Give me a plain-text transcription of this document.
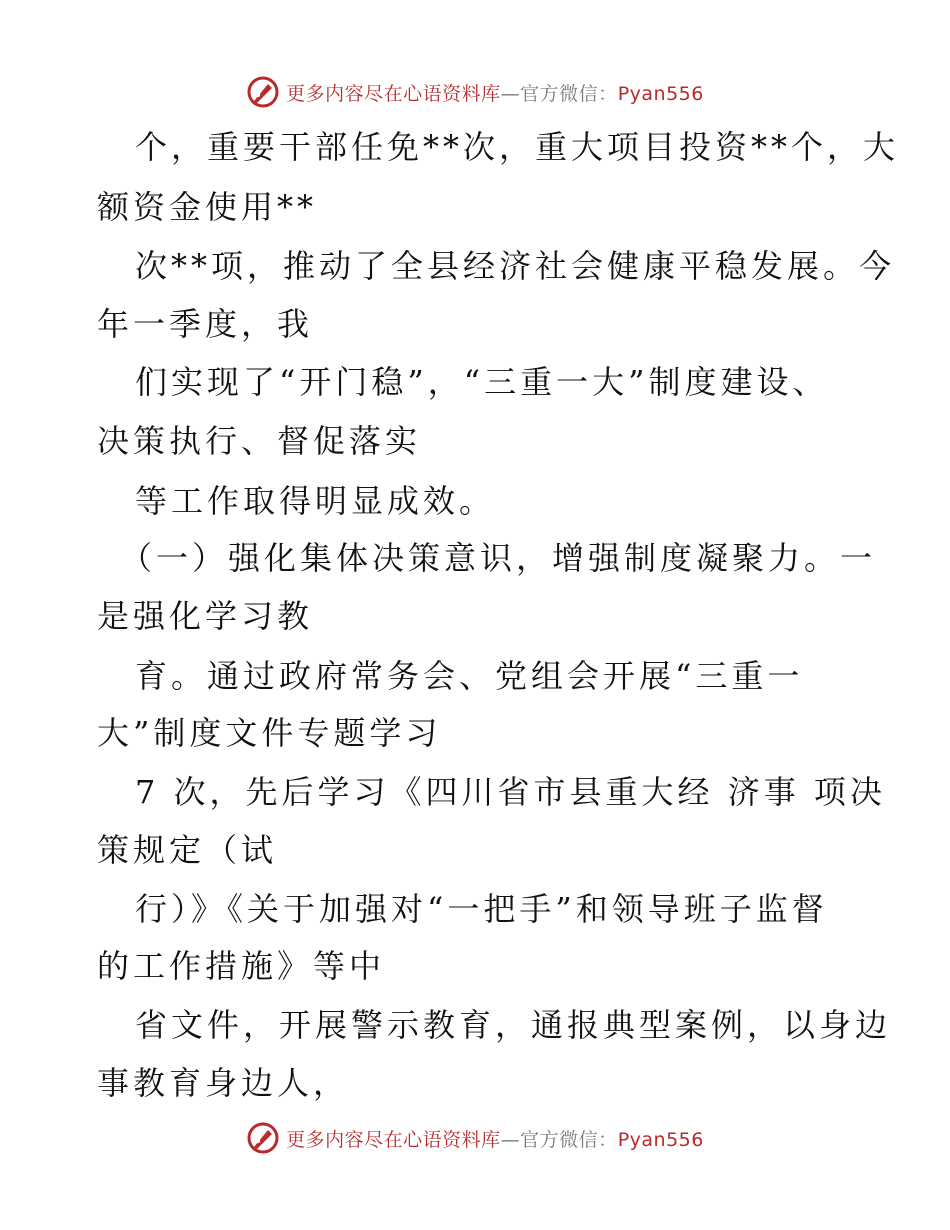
更多内容尽在心语资料库—官方微信：Pyan556
个，重要干部任免**次，重大项目投资**个，大
额资金使用**
次**项，推动了全县经济社会健康平稳发展。今
年一季度，我
们实现了“开门稳”，“三重一大”制度建设、
决策执行、督促落实
等工作取得明显成效。
（一）强化集体决策意识，增强制度凝聚力。一
是强化学习教
育。通过政府常务会、党组会开展“三重一
大”制度文件专题学习
7 次，先后学习《四川省市县重大经 济事 项决
策规定（试
行）》《关于加强对“一把手”和领导班子监督
的工作措施》等中
省文件，开展警示教育，通报典型案例，以身边
事教育身边人，
更多内容尽在心语资料库—官方微信：Pyan556
